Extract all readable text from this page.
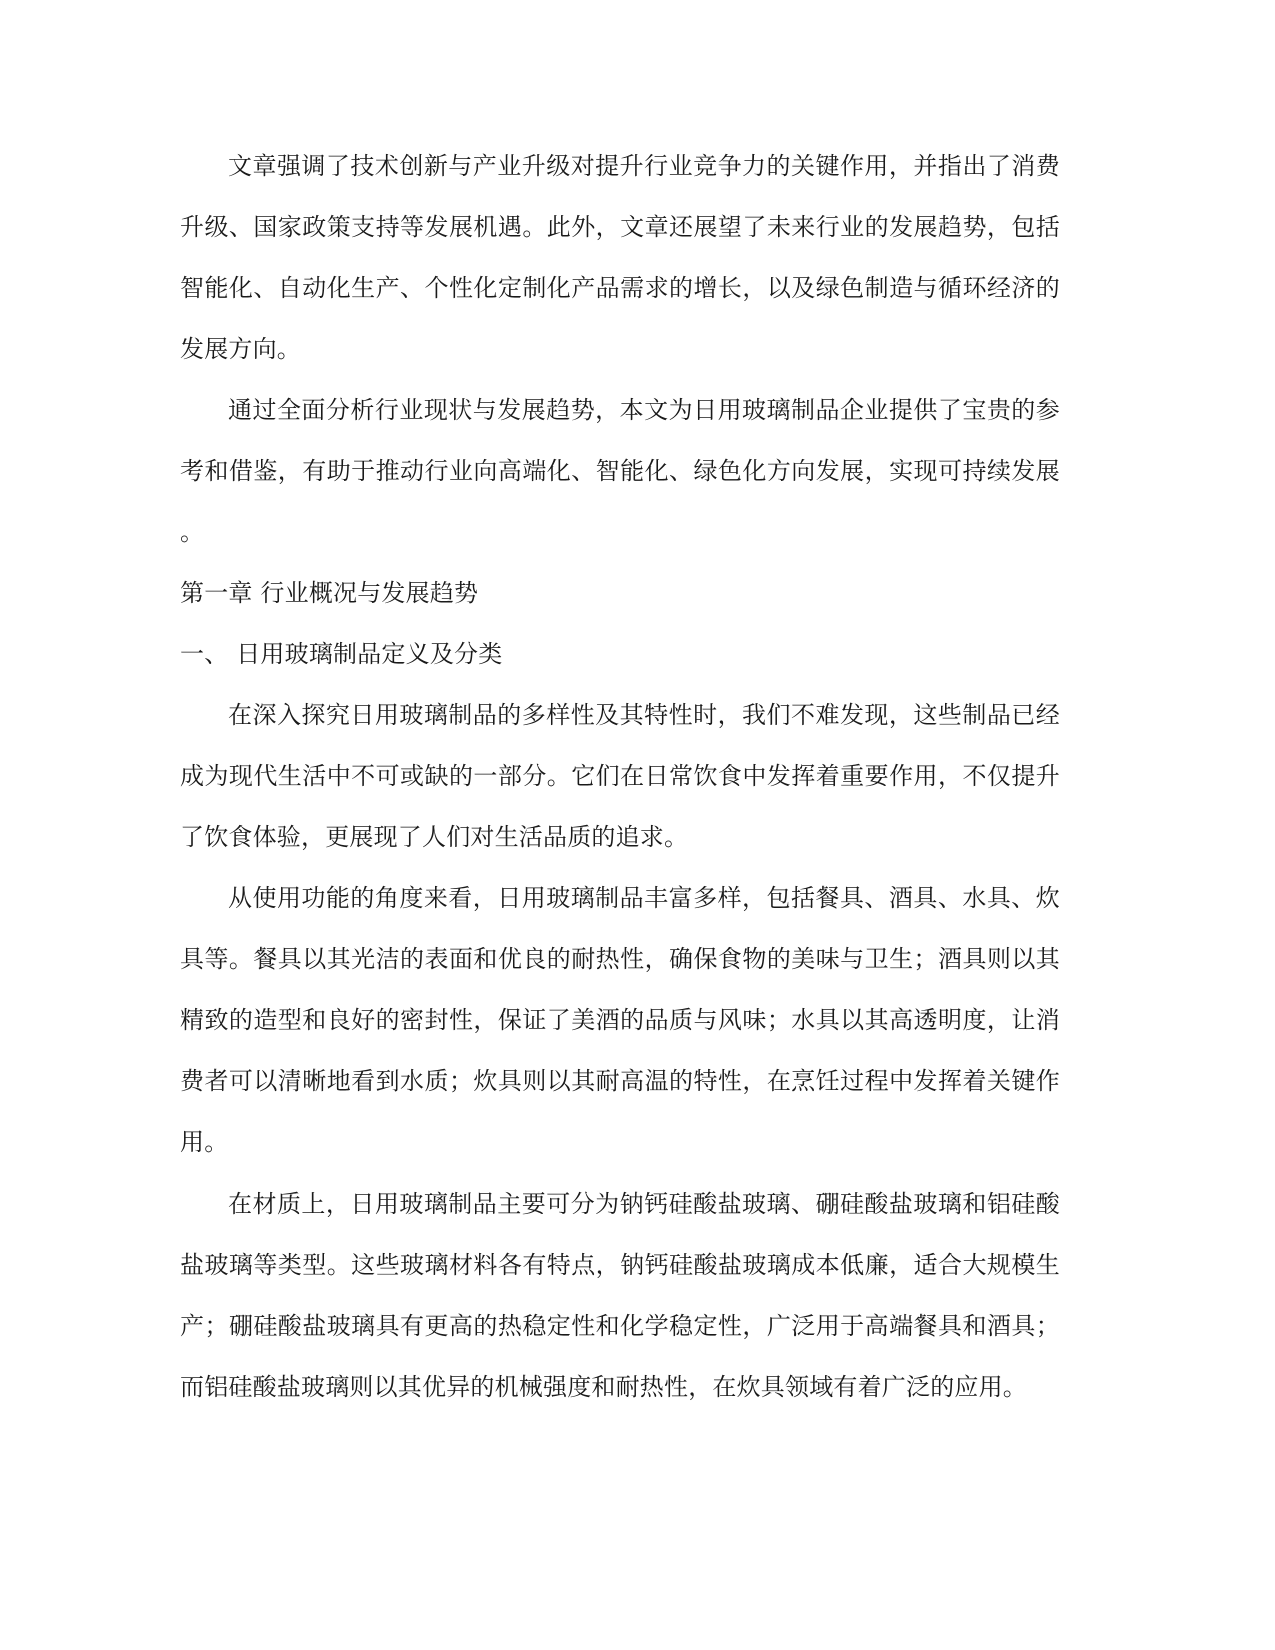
文章强调了技术创新与产业升级对提升行业竞争力的关键作用，并指出了消费
升级、国家政策支持等发展机遇。此外，文章还展望了未来行业的发展趋势，包括
智能化、自动化生产、个性化定制化产品需求的增长，以及绿色制造与循环经济的
发展方向。
通过全面分析行业现状与发展趋势，本文为日用玻璃制品企业提供了宝贵的参
考和借鉴，有助于推动行业向高端化、智能化、绿色化方向发展，实现可持续发展
。
第一章 行业概况与发展趋势
一、 日用玻璃制品定义及分类
在深入探究日用玻璃制品的多样性及其特性时，我们不难发现，这些制品已经
成为现代生活中不可或缺的一部分。它们在日常饮食中发挥着重要作用，不仅提升
了饮食体验，更展现了人们对生活品质的追求。
从使用功能的角度来看，日用玻璃制品丰富多样，包括餐具、酒具、水具、炊
具等。餐具以其光洁的表面和优良的耐热性，确保食物的美味与卫生；酒具则以其
精致的造型和良好的密封性，保证了美酒的品质与风味；水具以其高透明度，让消
费者可以清晰地看到水质；炊具则以其耐高温的特性，在烹饪过程中发挥着关键作
用。
在材质上，日用玻璃制品主要可分为钠钙硅酸盐玻璃、硼硅酸盐玻璃和铝硅酸
盐玻璃等类型。这些玻璃材料各有特点，钠钙硅酸盐玻璃成本低廉，适合大规模生
产；硼硅酸盐玻璃具有更高的热稳定性和化学稳定性，广泛用于高端餐具和酒具；
而铝硅酸盐玻璃则以其优异的机械强度和耐热性，在炊具领域有着广泛的应用。
